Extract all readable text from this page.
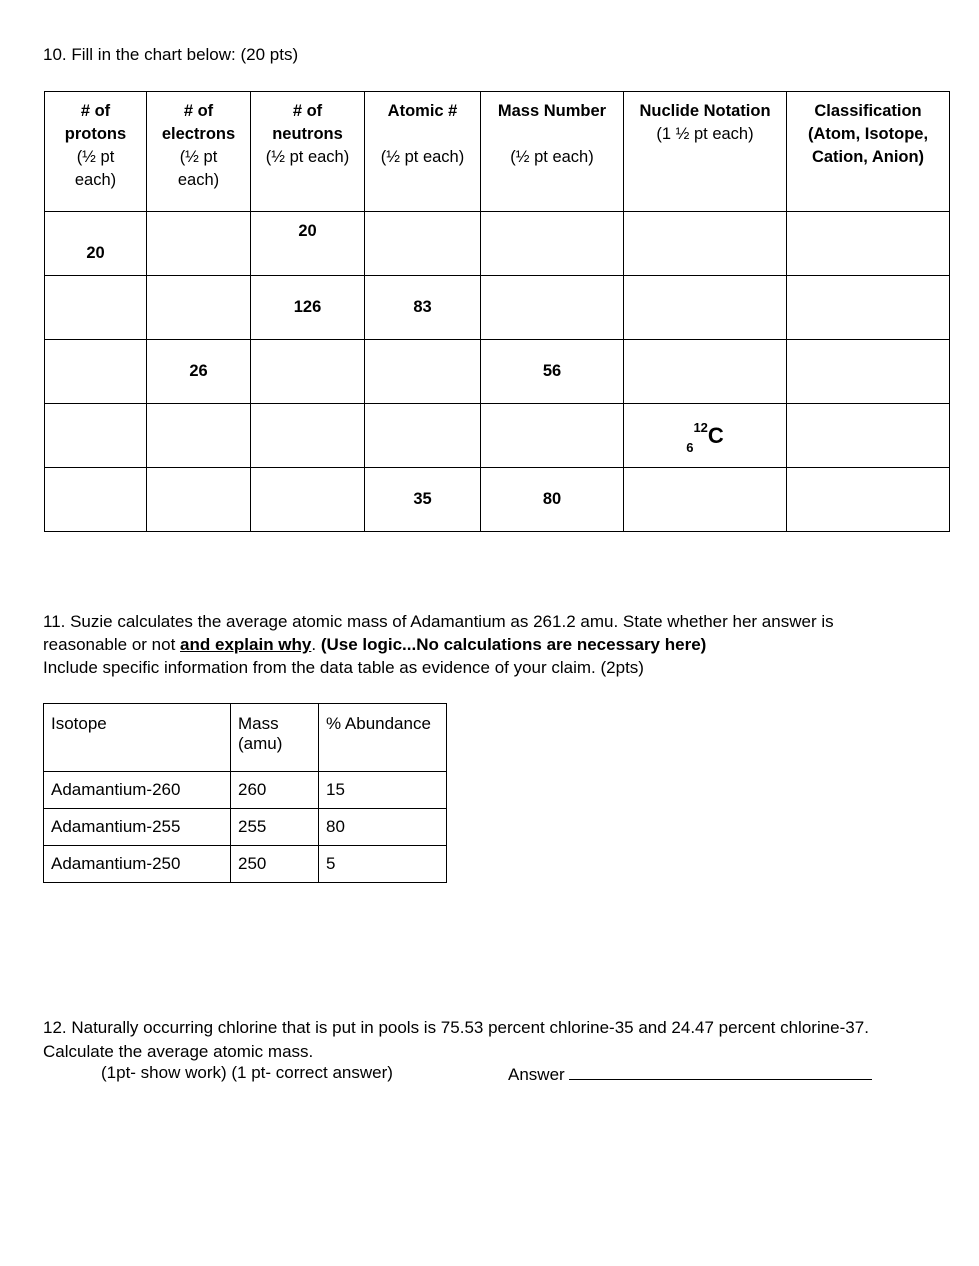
10. Fill in the chart below: (20 pts)

# of
protons
(½ pt
each)	# of
electrons
(½ pt
each)	# of
neutrons
(½ pt each)	Atomic #

(½ pt each)	Mass Number

(½ pt each)	Nuclide Notation
(1 ½ pt each)	Classification
(Atom, Isotope,
Cation, Anion)
20		20				
		126	83			
	26			56		
					$_6^{12}$C	
			35	80		

11. Suzie calculates the average atomic mass of Adamantium as 261.2 amu. State whether her answer is

reasonable or not and explain why. (Use logic...No calculations are necessary here)

Include specific information from the data table as evidence of your claim. (2pts)

Isotope	Mass
(amu)	% Abundance
Adamantium-260	260	15
Adamantium-255	255	80
Adamantium-250	250	5

12. Naturally occurring chlorine that is put in pools is 75.53 percent chlorine-35 and 24.47 percent chlorine-37.

Calculate the average atomic mass.

(1pt- show work) (1 pt- correct answer)	Answer
